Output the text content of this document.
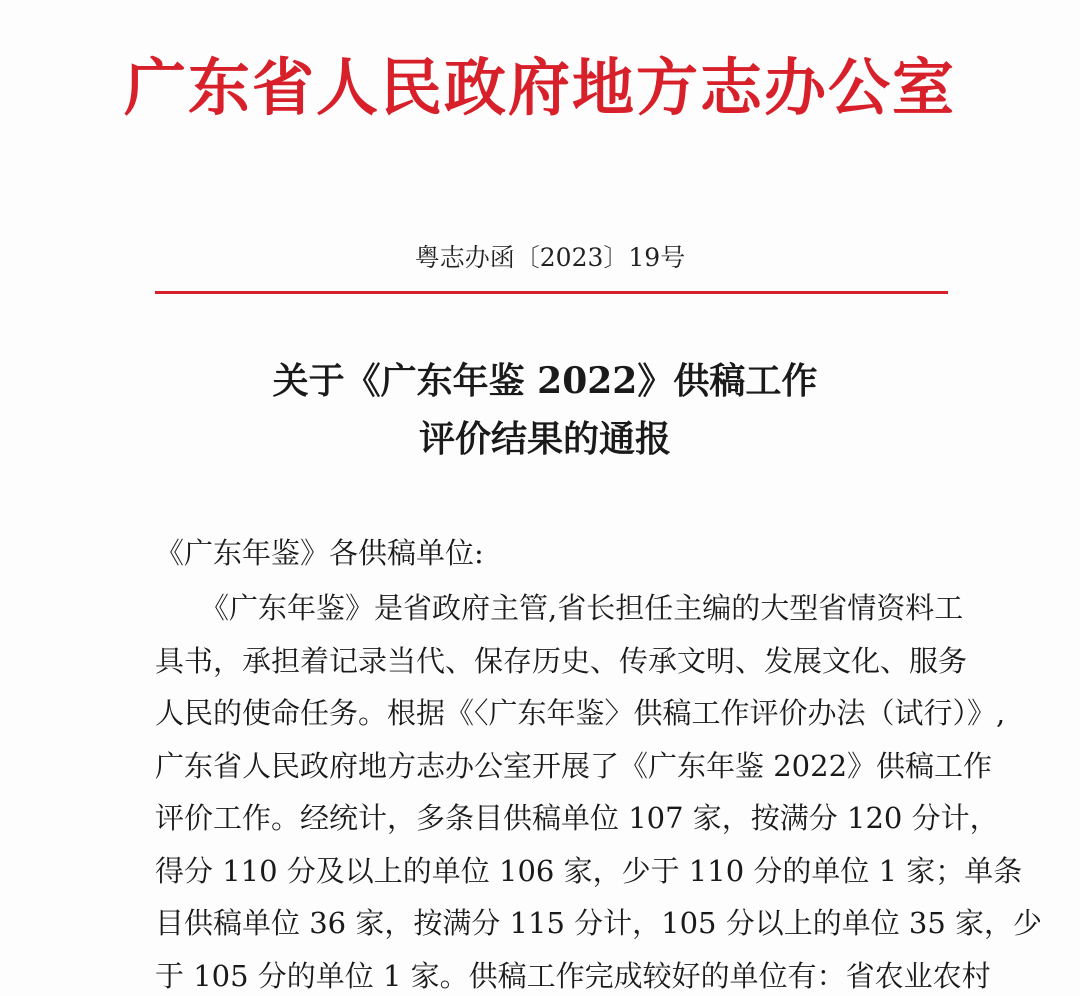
广东省人民政府地方志办公室
粤志办函〔2023〕19号
关于《广东年鉴 2022》供稿工作
评价结果的通报
《广东年鉴》各供稿单位:
《广东年鉴》是省政府主管,省长担任主编的大型省情资料工
具书，承担着记录当代、保存历史、传承文明、发展文化、服务
人民的使命任务。根据《〈广东年鉴〉供稿工作评价办法（试行）》,
广东省人民政府地方志办公室开展了《广东年鉴 2022》供稿工作
评价工作。经统计，多条目供稿单位 107 家，按满分 120 分计，
得分 110 分及以上的单位 106 家，少于 110 分的单位 1 家；单条
目供稿单位 36 家，按满分 115 分计，105 分以上的单位 35 家，少
于 105 分的单位 1 家。供稿工作完成较好的单位有：省农业农村
